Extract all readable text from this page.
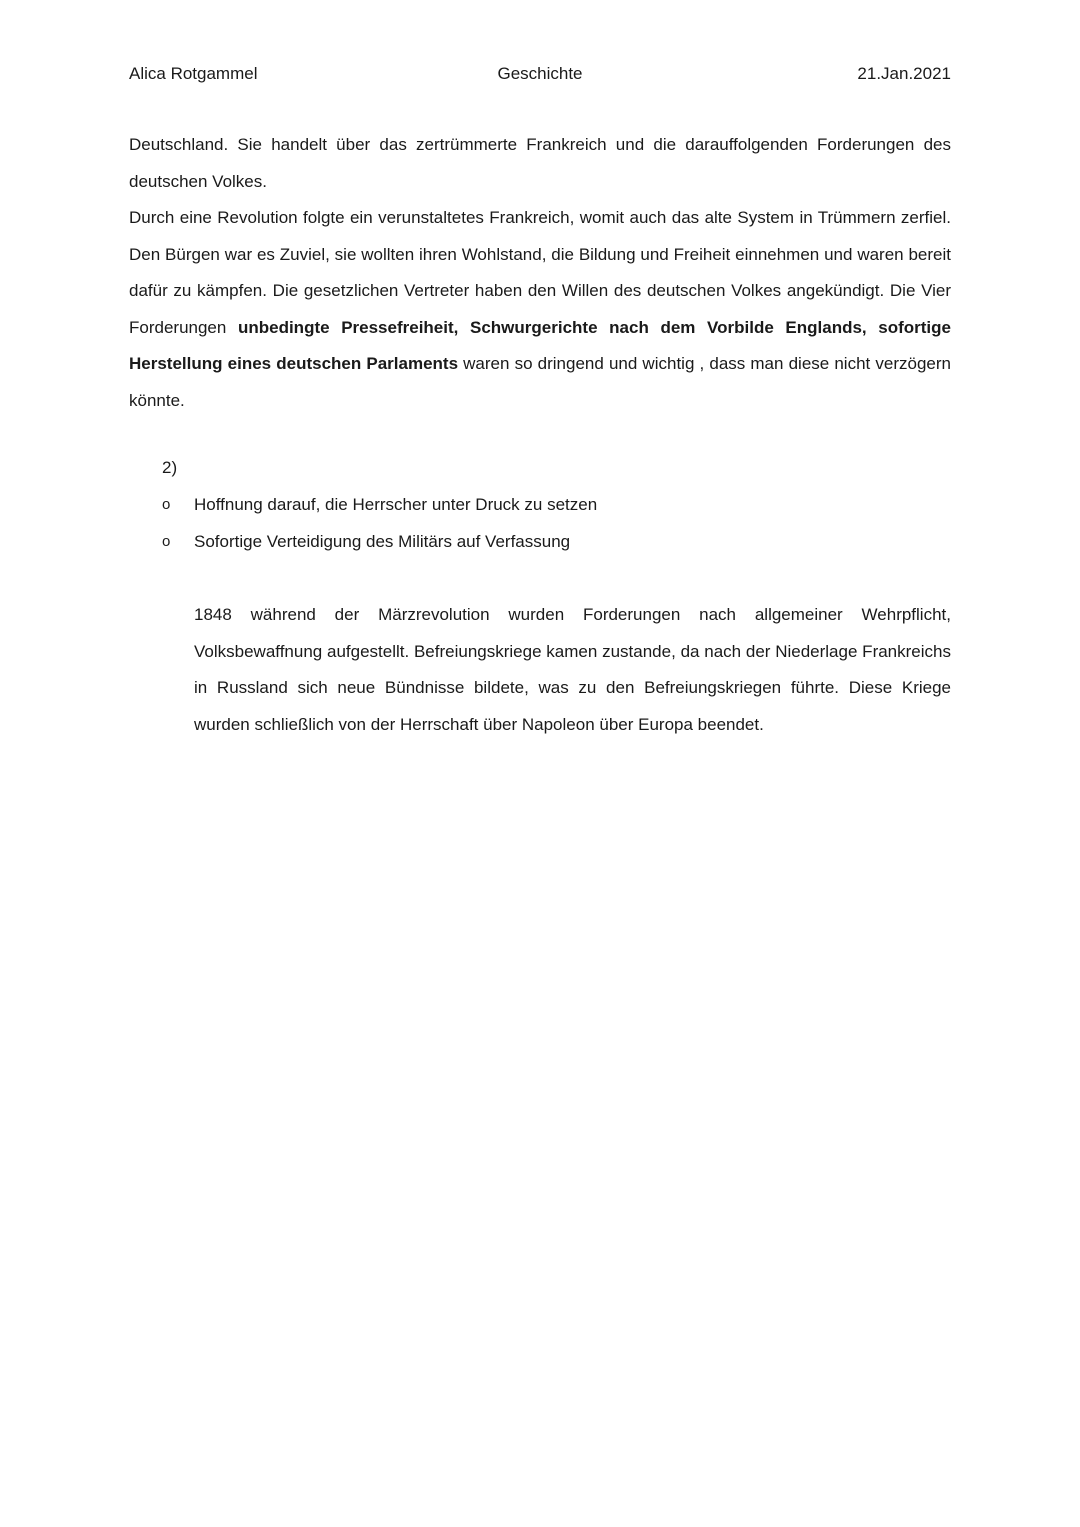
Alica Rotgammel	Geschichte	21.Jan.2021

Deutschland. Sie handelt über das zertrümmerte Frankreich und die darauffolgenden Forderungen des deutschen Volkes.

Durch eine Revolution folgte ein verunstaltetes Frankreich, womit auch das alte System in Trümmern zerfiel. Den Bürgen war es Zuviel, sie wollten ihren Wohlstand, die Bildung und Freiheit einnehmen und waren bereit dafür zu kämpfen. Die gesetzlichen Vertreter haben den Willen des deutschen Volkes angekündigt. Die Vier Forderungen unbedingte Pressefreiheit, Schwurgerichte nach dem Vorbilde Englands, sofortige Herstellung eines deutschen Parlaments waren so dringend und wichtig , dass man diese nicht verzögern könnte.

2)
o Hoffnung darauf, die Herrscher unter Druck zu setzen
o Sofortige Verteidigung des Militärs auf Verfassung

1848 während der Märzrevolution wurden Forderungen nach allgemeiner Wehrpflicht, Volksbewaffnung aufgestellt. Befreiungskriege kamen zustande, da nach der Niederlage Frankreichs in Russland sich neue Bündnisse bildete, was zu den Befreiungskriegen führte. Diese Kriege wurden schließlich von der Herrschaft über Napoleon über Europa beendet.
